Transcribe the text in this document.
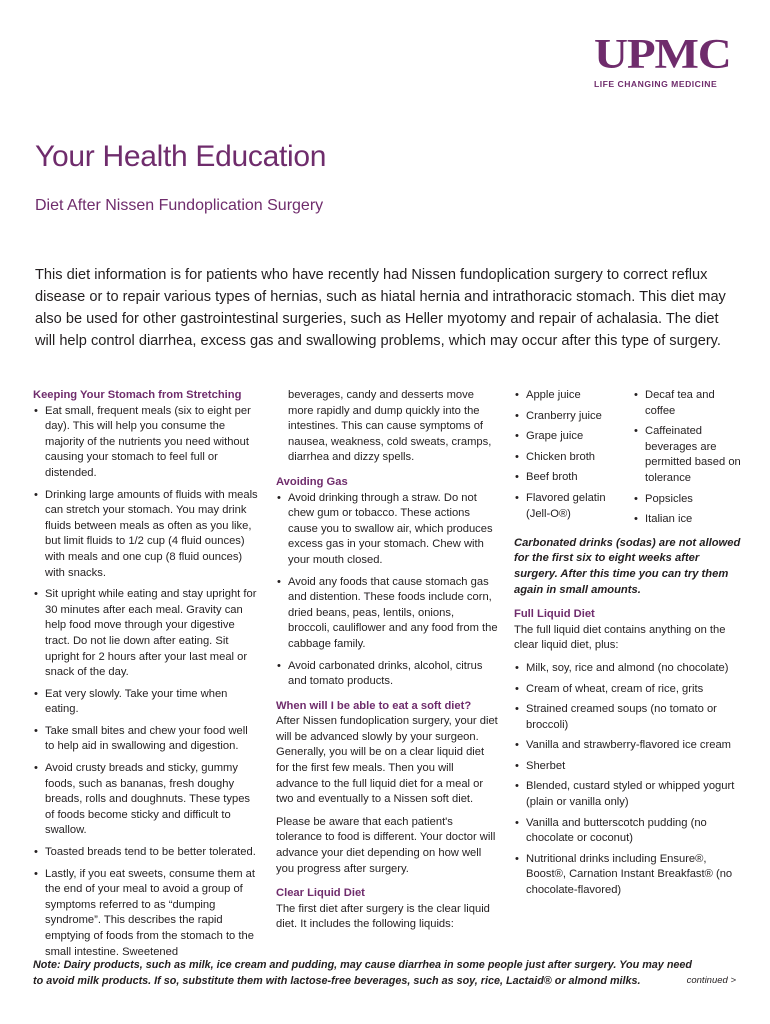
UPMC
LIFE CHANGING MEDICINE
Your Health Education
Diet After Nissen Fundoplication Surgery
This diet information is for patients who have recently had Nissen fundoplication surgery to correct reflux disease or to repair various types of hernias, such as hiatal hernia and intrathoracic stomach. This diet may also be used for other gastrointestinal surgeries, such as Heller myotomy and repair of achalasia. The diet will help control diarrhea, excess gas and swallowing problems, which may occur after this type of surgery.
Keeping Your Stomach from Stretching
• Eat small, frequent meals (six to eight per day). This will help you consume the majority of the nutrients you need without causing your stomach to feel full or distended.
• Drinking large amounts of fluids with meals can stretch your stomach. You may drink fluids between meals as often as you like, but limit fluids to 1/2 cup (4 fluid ounces) with meals and one cup (8 fluid ounces) with snacks.
• Sit upright while eating and stay upright for 30 minutes after each meal. Gravity can help food move through your digestive tract. Do not lie down after eating. Sit upright for 2 hours after your last meal or snack of the day.
• Eat very slowly. Take your time when eating.
• Take small bites and chew your food well to help aid in swallowing and digestion.
• Avoid crusty breads and sticky, gummy foods, such as bananas, fresh doughy breads, rolls and doughnuts. These types of foods become sticky and difficult to swallow.
• Toasted breads tend to be better tolerated.
• Lastly, if you eat sweets, consume them at the end of your meal to avoid a group of symptoms referred to as “dumping syndrome”. This describes the rapid emptying of foods from the stomach to the small intestine. Sweetened

beverages, candy and desserts move more rapidly and dump quickly into the intestines. This can cause symptoms of nausea, weakness, cold sweats, cramps, diarrhea and dizzy spells.

Avoiding Gas
• Avoid drinking through a straw. Do not chew gum or tobacco. These actions cause you to swallow air, which produces excess gas in your stomach. Chew with your mouth closed.
• Avoid any foods that cause stomach gas and distention. These foods include corn, dried beans, peas, lentils, onions, broccoli, cauliflower and any food from the cabbage family.
• Avoid carbonated drinks, alcohol, citrus and tomato products.
When will I be able to eat a soft diet?

After Nissen fundoplication surgery, your diet will be advanced slowly by your surgeon. Generally, you will be on a clear liquid diet for the first few meals. Then you will advance to the full liquid diet for a meal or two and eventually to a Nissen soft diet.

Please be aware that each patient's tolerance to food is different. Your doctor will advance your diet depending on how well you progress after surgery.

Clear Liquid Diet

The first diet after surgery is the clear liquid diet. It includes the following liquids:

• Apple juice
• Cranberry juice
• Grape juice
• Chicken broth
• Beef broth
• Flavored gelatin (Jell-O®)
• Decaf tea and coffee
• Caffeinated beverages are permitted based on tolerance
• Popsicles
• Italian ice

Carbonated drinks (sodas) are not allowed for the first six to eight weeks after surgery. After this time you can try them again in small amounts.

Full Liquid Diet

The full liquid diet contains anything on the clear liquid diet, plus:

• Milk, soy, rice and almond (no chocolate)
• Cream of wheat, cream of rice, grits
• Strained creamed soups (no tomato or broccoli)
• Vanilla and strawberry-flavored ice cream
• Sherbet
• Blended, custard styled or whipped yogurt (plain or vanilla only)
• Vanilla and butterscotch pudding (no chocolate or coconut)
• Nutritional drinks including Ensure®, Boost®, Carnation Instant Breakfast® (no chocolate-flavored)
Note: Dairy products, such as milk, ice cream and pudding, may cause diarrhea in some people just after surgery. You may need to avoid milk products. If so, substitute them with lactose-free beverages, such as soy, rice, Lactaid® or almond milks.	continued >
